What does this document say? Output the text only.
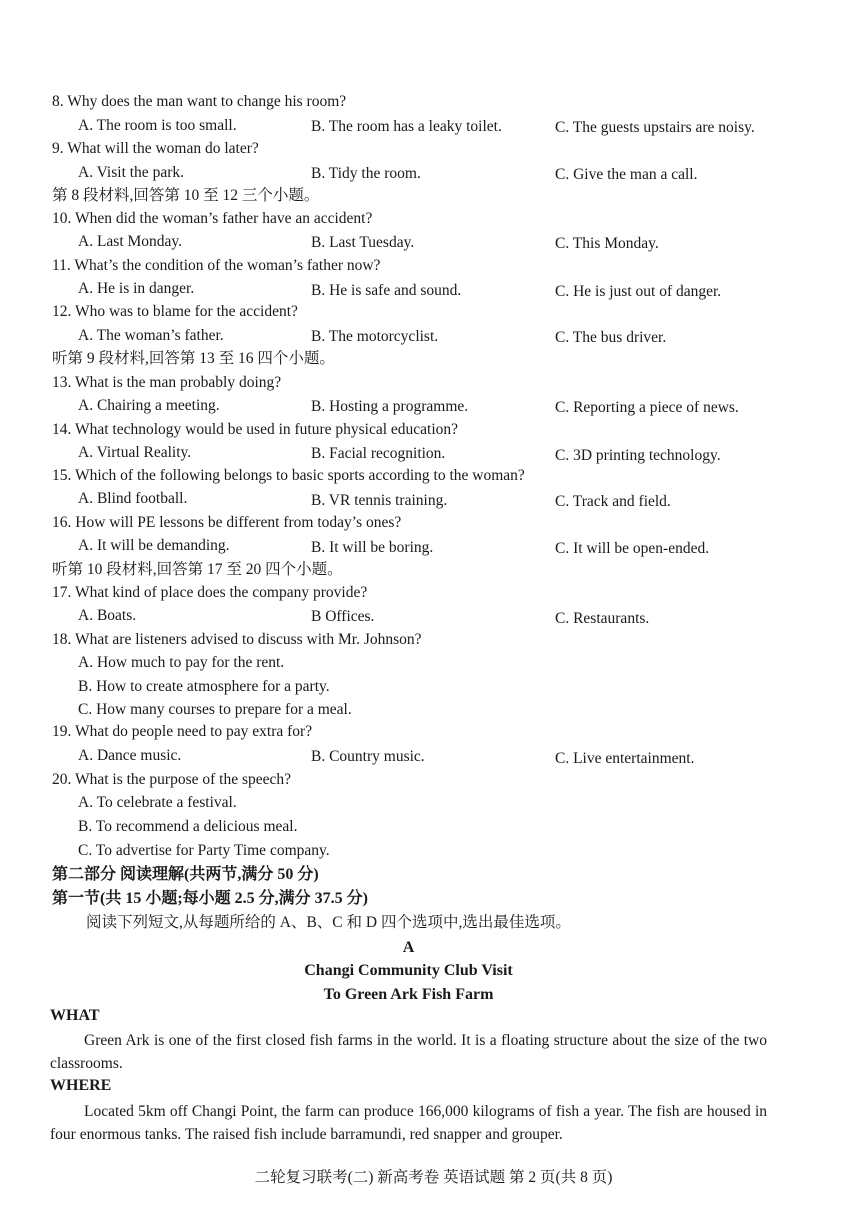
8. Why does the man want to change his room?
A. The room is too small.	B. The room has a leaky toilet.	C. The guests upstairs are noisy.
9. What will the woman do later?
A. Visit the park.	B. Tidy the room.	C. Give the man a call.
第 8 段材料,回答第 10 至 12 三个小题。
10. When did the woman’s father have an accident?
A. Last Monday.	B. Last Tuesday.	C. This Monday.
11. What’s the condition of the woman’s father now?
A. He is in danger.	B. He is safe and sound.	C. He is just out of danger.
12. Who was to blame for the accident?
A. The woman’s father.	B. The motorcyclist.	C. The bus driver.
听第 9 段材料,回答第 13 至 16 四个小题。
13. What is the man probably doing?
A. Chairing a meeting.	B. Hosting a programme.	C. Reporting a piece of news.
14. What technology would be used in future physical education?
A. Virtual Reality.	B. Facial recognition.	C. 3D printing technology.
15. Which of the following belongs to basic sports according to the woman?
A. Blind football.	B. VR tennis training.	C. Track and field.
16. How will PE lessons be different from today’s ones?
A. It will be demanding.	B. It will be boring.	C. It will be open-ended.
听第 10 段材料,回答第 17 至 20 四个小题。
17. What kind of place does the company provide?
A. Boats.	B Offices.	C. Restaurants.
18. What are listeners advised to discuss with Mr. Johnson?
A. How much to pay for the rent.
B. How to create atmosphere for a party.
C. How many courses to prepare for a meal.
19. What do people need to pay extra for?
A. Dance music.	B. Country music.	C. Live entertainment.
20. What is the purpose of the speech?
A. To celebrate a festival.
B. To recommend a delicious meal.
C. To advertise for Party Time company.
第二部分 阅读理解(共两节,满分 50 分)
第一节(共 15 小题;每小题 2.5 分,满分 37.5 分)
阅读下列短文,从每题所给的 A、B、C 和 D 四个选项中,选出最佳选项。
A
Changi Community Club Visit
To Green Ark Fish Farm
WHAT
Green Ark is one of the first closed fish farms in the world. It is a floating structure about the size of the two classrooms.
WHERE
Located 5km off Changi Point, the farm can produce 166,000 kilograms of fish a year. The fish are housed in four enormous tanks. The raised fish include barramundi, red snapper and grouper.
二轮复习联考(二) 新高考卷 英语试题 第 2 页(共 8 页)
